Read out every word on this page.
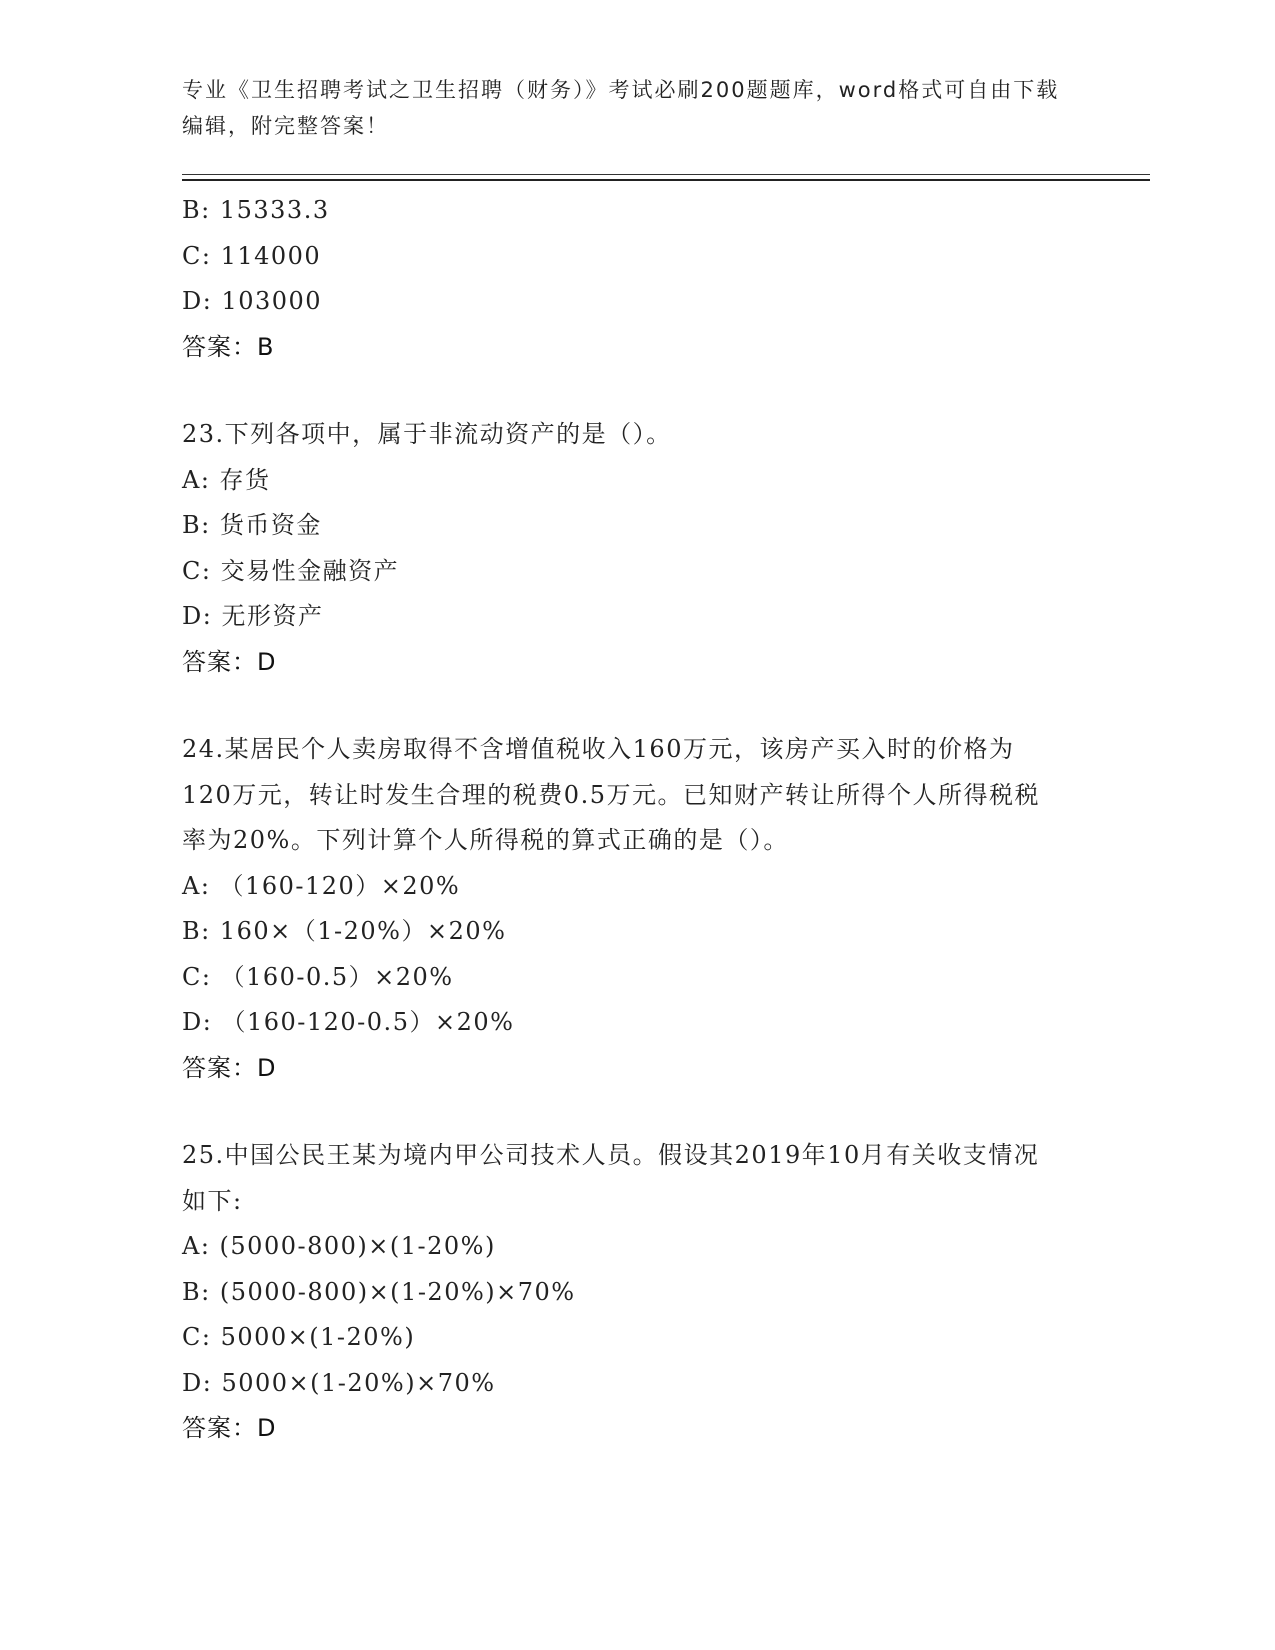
专业《卫生招聘考试之卫生招聘（财务）》考试必刷200题题库，word格式可自由下载编辑，附完整答案！
B: 15333.3
C: 114000
D: 103000
答案：B
23.下列各项中，属于非流动资产的是（）。
A: 存货
B: 货币资金
C: 交易性金融资产
D: 无形资产
答案：D
24.某居民个人卖房取得不含增值税收入160万元，该房产买入时的价格为120万元，转让时发生合理的税费0.5万元。已知财产转让所得个人所得税税率为20%。下列计算个人所得税的算式正确的是（）。
A: （160-120）×20%
B: 160×（1-20%）×20%
C: （160-0.5）×20%
D: （160-120-0.5）×20%
答案：D
25.中国公民王某为境内甲公司技术人员。假设其2019年10月有关收支情况如下:
A: (5000-800)×(1-20%)
B: (5000-800)×(1-20%)×70%
C: 5000×(1-20%)
D: 5000×(1-20%)×70%
答案：D
